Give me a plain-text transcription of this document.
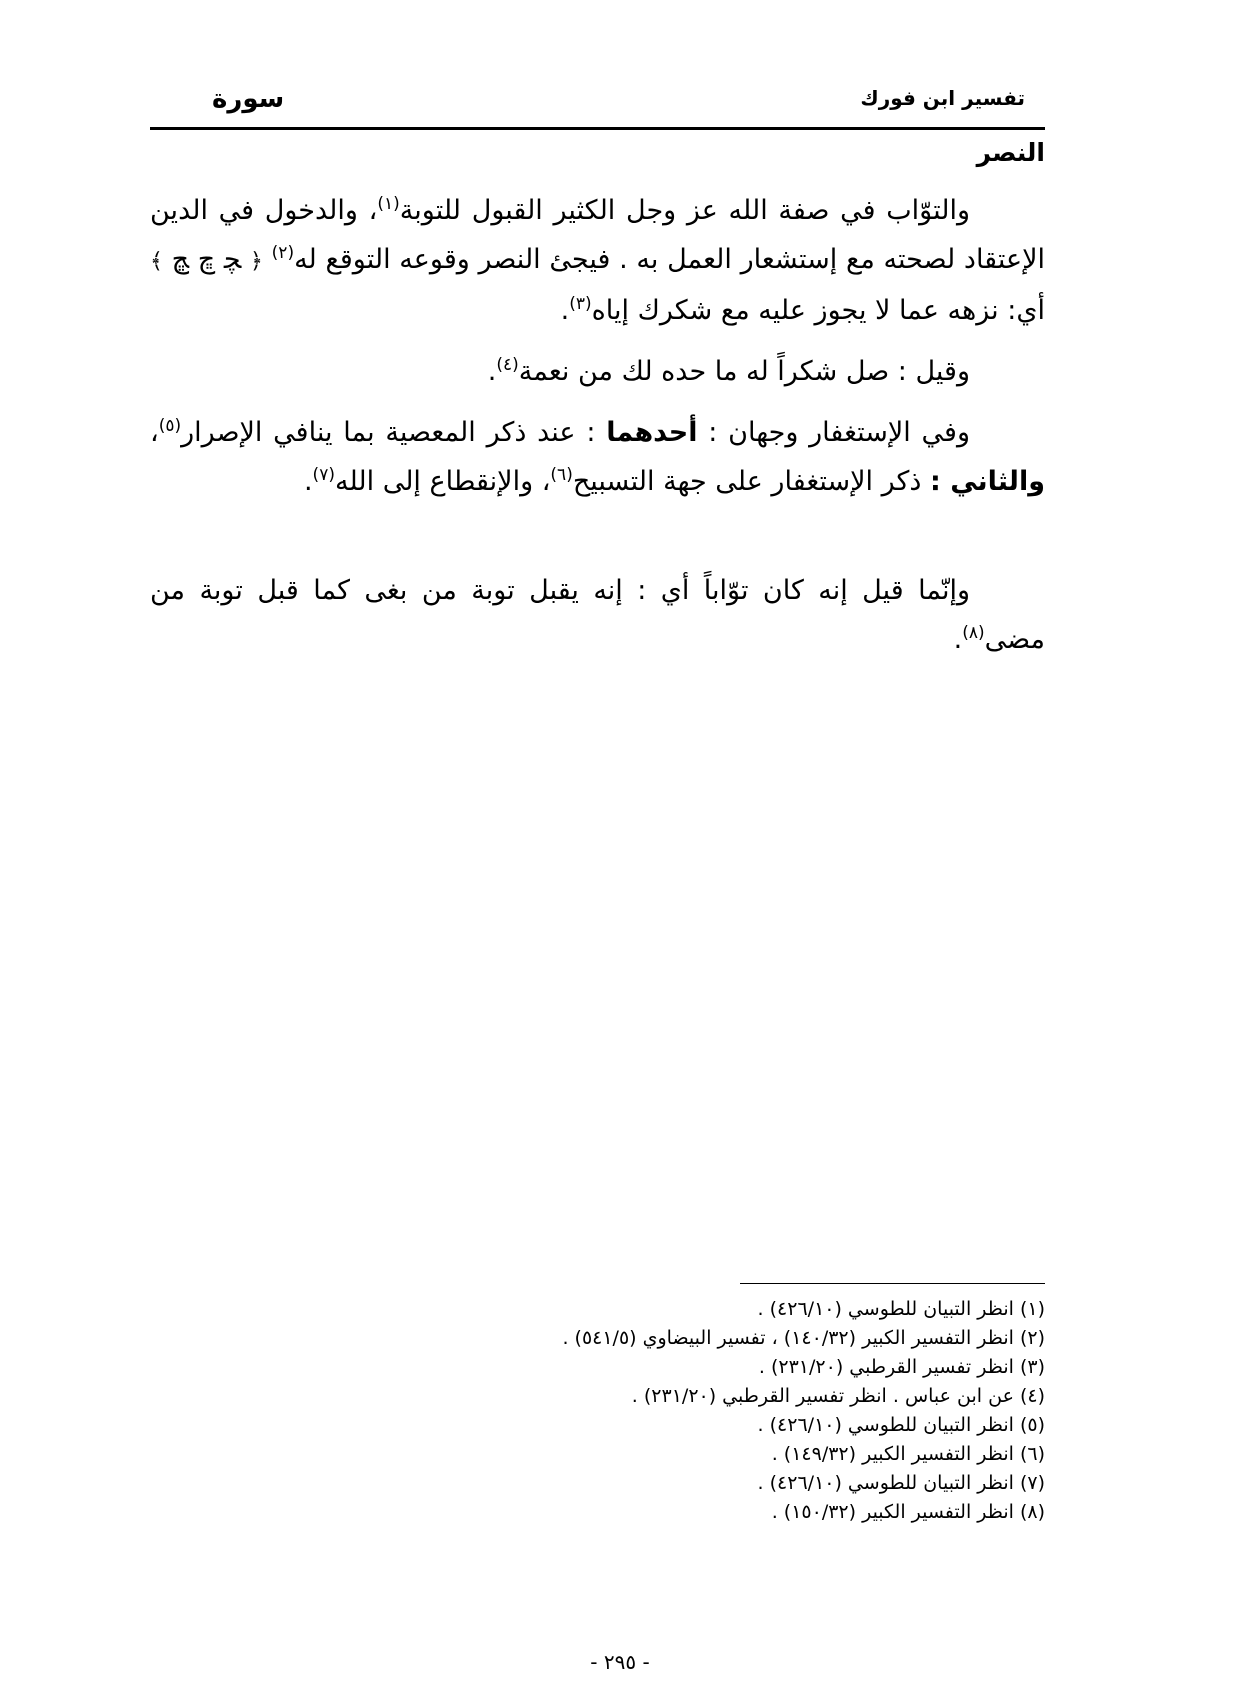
تفسير ابن فورك
سورة
النصر

والتوّاب في صفة الله عز وجل الكثير القبول للتوبة$^{(١)}$، والدخول في الدين الإعتقاد لصحته مع إستشعار العمل به . فيجئ النصر وقوعه التوقع له$^{(٢)}$ ﴿ ﭽ ﭾ ﭿ ﴾ أي: نزهه عما لا يجوز عليه مع شكرك إياه$^{(٣)}$.

وقيل : صل شكراً له ما حده لك من نعمة$^{(٤)}$.

وفي الإستغفار وجهان : أحدهما : عند ذكر المعصية بما ينافي الإصرار$^{(٥)}$، والثاني : ذكر الإستغفار على جهة التسبيح$^{(٦)}$، والإنقطاع إلى الله$^{(٧)}$.

وإنّما قيل إنه كان توّاباً أي : إنه يقبل توبة من بغى كما قبل توبة من مضى$^{(٨)}$.

(١) انظر التبيان للطوسي (٤٢٦/١٠) .

(٢) انظر التفسير الكبير (١٤٠/٣٢) ، تفسير البيضاوي (٥٤١/٥) .

(٣) انظر تفسير القرطبي (٢٣١/٢٠) .

(٤) عن ابن عباس . انظر تفسير القرطبي (٢٣١/٢٠) .

(٥) انظر التبيان للطوسي (٤٢٦/١٠) .

(٦) انظر التفسير الكبير (١٤٩/٣٢) .

(٧) انظر التبيان للطوسي (٤٢٦/١٠) .

(٨) انظر التفسير الكبير (١٥٠/٣٢) .

- ٢٩٥ -
